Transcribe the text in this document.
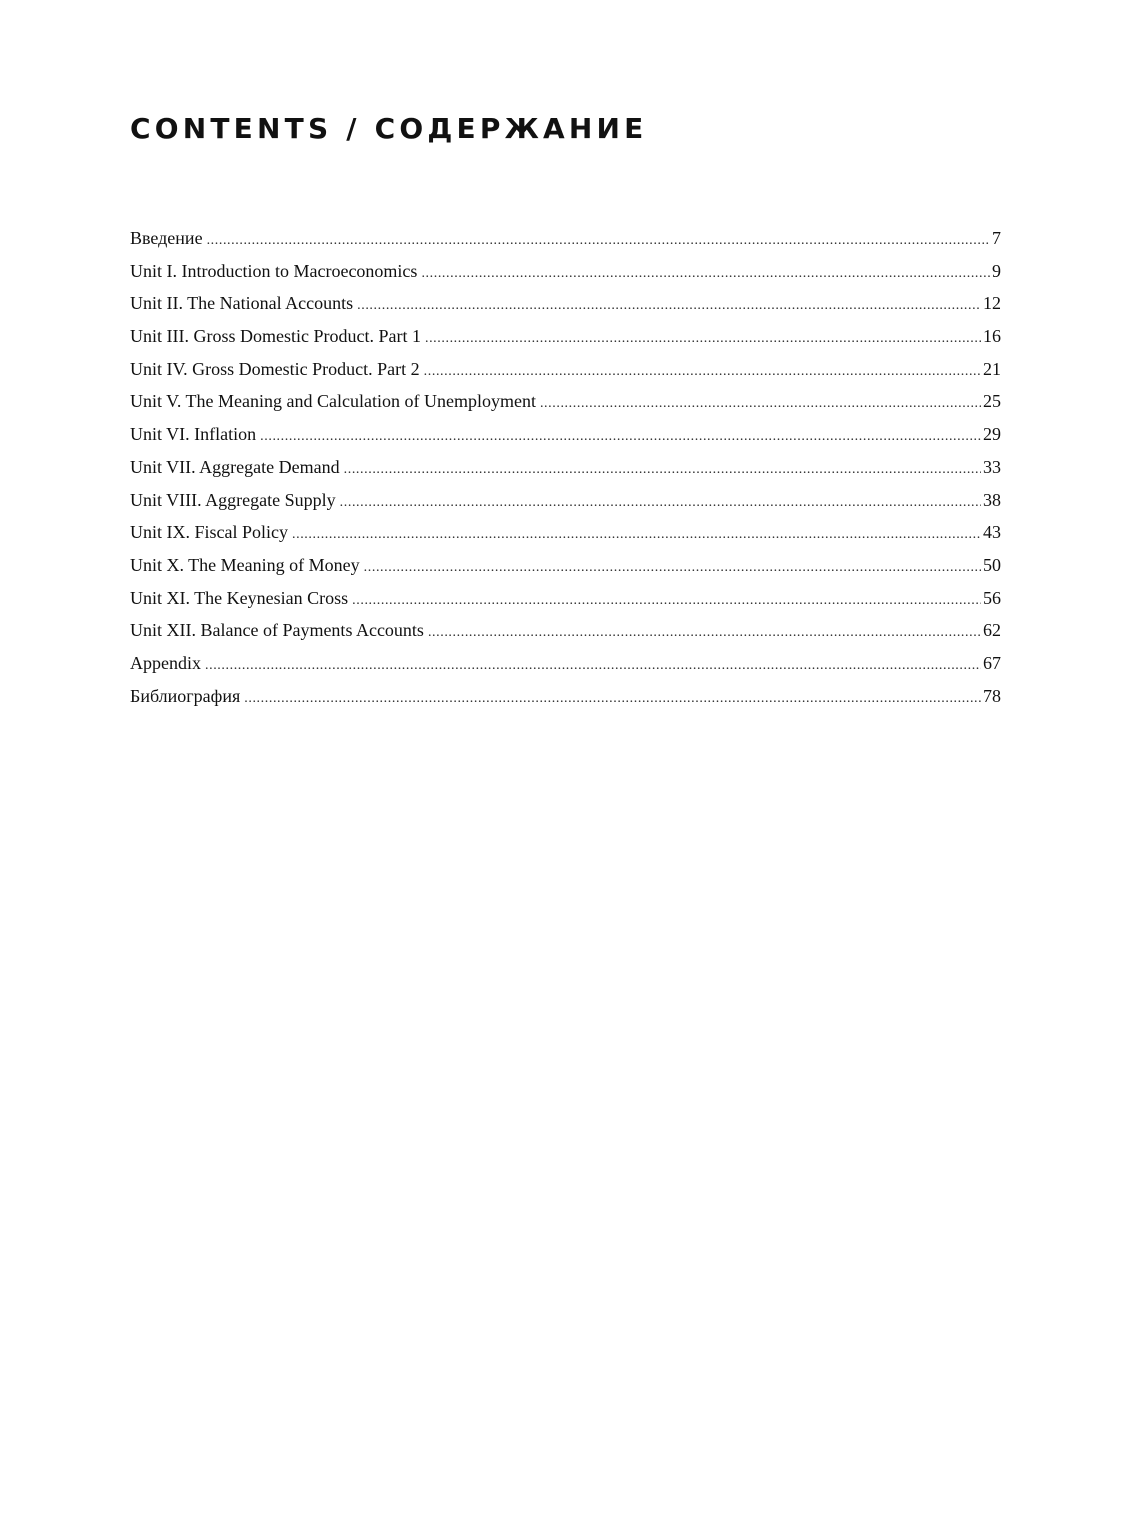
CONTENTS / СОДЕРЖАНИЕ
Введение .....	7
Unit I. Introduction to Macroeconomics .....	9
Unit II. The National Accounts .....	12
Unit III. Gross Domestic Product. Part 1 .....	16
Unit IV. Gross Domestic Product. Part 2 .....	21
Unit V. The Meaning and Calculation of Unemployment .....	25
Unit VI. Inflation .....	29
Unit VII. Aggregate Demand .....	33
Unit VIII. Aggregate Supply .....	38
Unit IX. Fiscal Policy .....	43
Unit X. The Meaning of Money .....	50
Unit XI. The Keynesian Cross .....	56
Unit XII. Balance of Payments Accounts .....	62
Appendix .....	67
Библиография .....	78
